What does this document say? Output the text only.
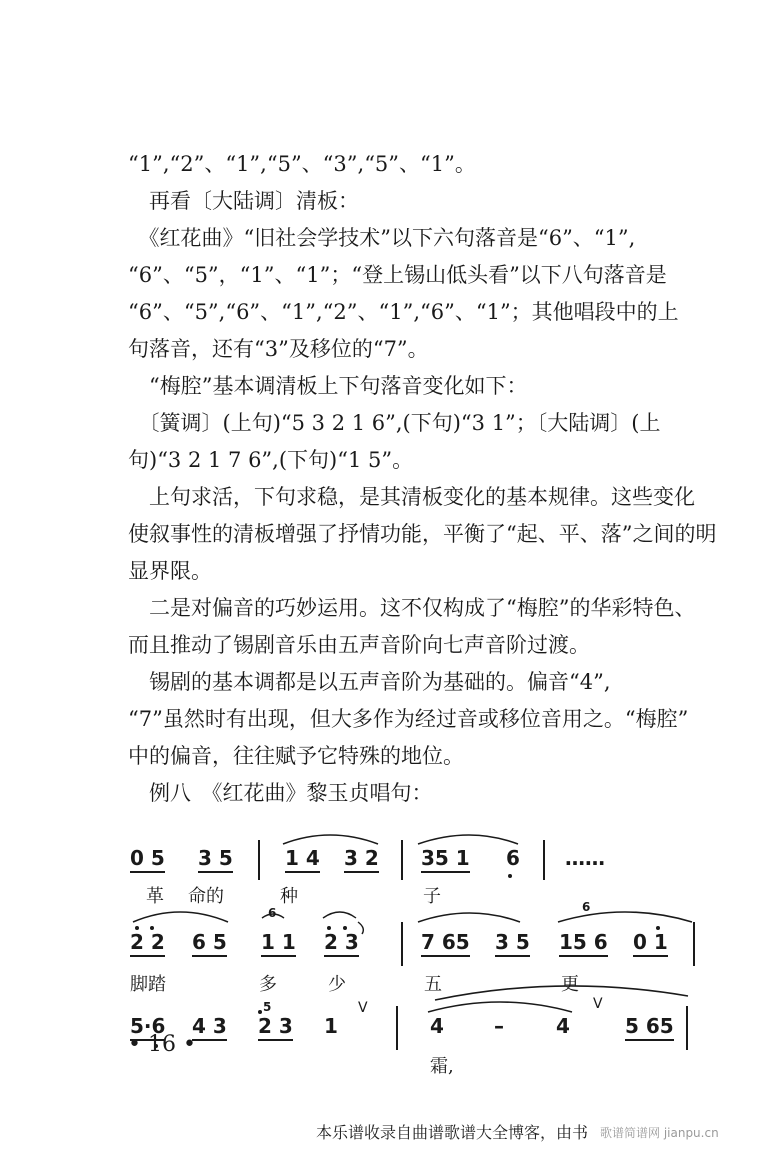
“1”,“2”、“1”,“5”、“3”,“5”、“1”。
　再看〔大陆调〕清板：
　《红花曲》“旧社会学技术”以下六句落音是“6”、“1”,
“6”、“5”，“1”、“1”；“登上锡山低头看”以下八句落音是
“6”、“5”,“6”、“1”,“2”、“1”,“6”、“1”；其他唱段中的上
句落音，还有“3”及移位的“7”。
　“梅腔”基本调清板上下句落音变化如下：
　〔簧调〕(上句)“5 3 2 1 6”,(下句)“3 1”；〔大陆调〕(上
句)“3 2 1 7 6”,(下句)“1 5”。
　上句求活，下句求稳，是其清板变化的基本规律。这些变化
使叙事性的清板增强了抒情功能，平衡了“起、平、落”之间的明
显界限。
　二是对偏音的巧妙运用。这不仅构成了“梅腔”的华彩特色、
而且推动了锡剧音乐由五声音阶向七声音阶过渡。
　锡剧的基本调都是以五声音阶为基础的。偏音“4”,
“7”虽然时有出现，但大多作为经过音或移位音用之。“梅腔”
中的偏音，往往赋予它特殊的地位。
　例八　《红花曲》黎玉贞唱句：
0 5 3 5	1 4 3 2 35 1 6 ……
革 命的	种	子
2 2 6 5 1 1 2 3	7 65 3 5 15 6 0 1
6	6
脚踏	多	少	五	更
5·6 4 3 2 3 1	4	–	4	5 65
5	V	V
霜,
• 16 •
本乐谱收录自曲谱歌谱大全博客，由书 歌谱简谱网 jianpu.cn
